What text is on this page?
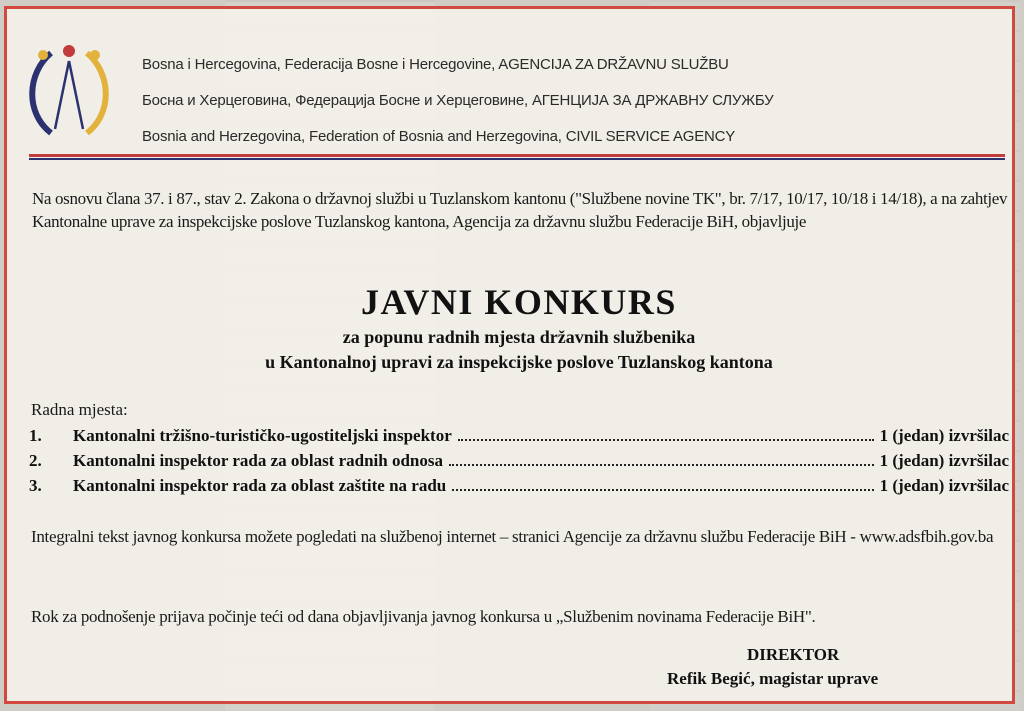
Bosna i Hercegovina, Federacija Bosne i Hercegovine, AGENCIJA ZA DRŽAVNU SLUŽBU
Босна и Херцеговина, Федерација Босне и Херцеговине, АГЕНЦИЈА ЗА ДРЖАВНУ СЛУЖБУ
Bosnia and Herzegovina, Federation of Bosnia and Herzegovina, CIVIL SERVICE AGENCY
Na osnovu člana 37. i 87., stav 2. Zakona o državnoj službi u Tuzlanskom kantonu ("Službene novine TK", br. 7/17, 10/17, 10/18 i 14/18), a na zahtjev Kantonalne uprave za inspekcijske poslove Tuzlanskog kantona, Agencija za državnu službu Federacije BiH, objavljuje
JAVNI KONKURS
za popunu radnih mjesta državnih službenika
u Kantonalnoj upravi za inspekcijske poslove Tuzlanskog kantona
Radna mjesta:
1.	Kantonalni tržišno-turističko-ugostiteljski inspektor	1 (jedan) izvršilac
2.	Kantonalni inspektor rada za oblast radnih odnosa	1 (jedan) izvršilac
3.	Kantonalni inspektor rada za oblast zaštite na radu	1 (jedan) izvršilac
Integralni tekst javnog konkursa možete pogledati na službenoj internet – stranici Agencije za državnu službu Federacije BiH - www.adsfbih.gov.ba
Rok za podnošenje prijava počinje teći od dana objavljivanja javnog konkursa u „Službenim novinama Federacije BiH".
DIREKTOR
Refik Begić, magistar uprave
